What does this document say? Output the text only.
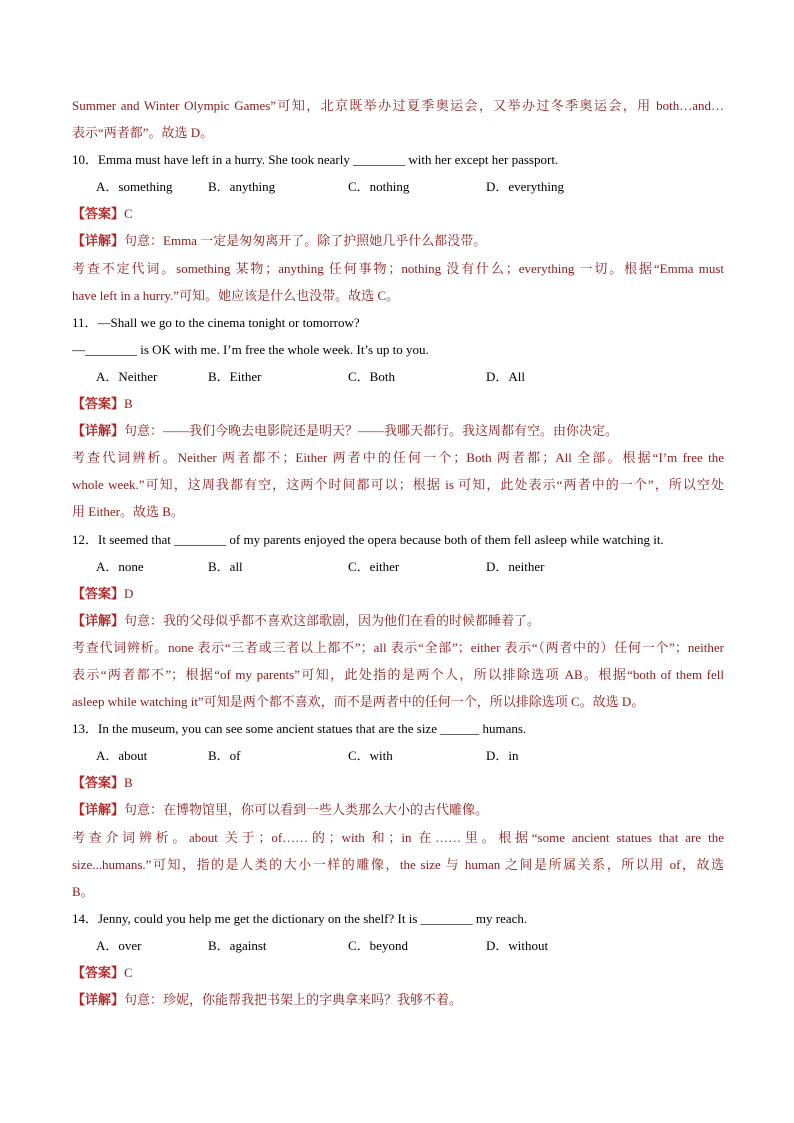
Summer and Winter Olympic Games”可知，北京既举办过夏季奥运会，又举办过冬季奥运会，用 both…and…
表示“两者都”。故选 D。
10．Emma must have left in a hurry. She took nearly ________ with her except her passport.
A．something	B．anything	C．nothing	D．everything
【答案】C
【详解】句意：Emma 一定是匆匆离开了。除了护照她几乎什么都没带。
考查不定代词。something 某物；anything 任何事物；nothing 没有什么；everything 一切。根据“Emma must
have left in a hurry.”可知。她应该是什么也没带。故选 C。
11．—Shall we go to the cinema tonight or tomorrow?
—________ is OK with me. I’m free the whole week. It’s up to you.
A．Neither	B．Either	C．Both	D．All
【答案】B
【详解】句意：——我们今晚去电影院还是明天？——我哪天都行。我这周都有空。由你决定。
考查代词辨析。Neither 两者都不；Either 两者中的任何一个；Both 两者都；All 全部。根据“I’m free the
whole week.”可知，这周我都有空，这两个时间都可以；根据 is 可知，此处表示“两者中的一个”，所以空处
用 Either。故选 B。
12．It seemed that ________ of my parents enjoyed the opera because both of them fell asleep while watching it.
A．none	B．all	C．either	D．neither
【答案】D
【详解】句意：我的父母似乎都不喜欢这部歌剧，因为他们在看的时候都睡着了。
考查代词辨析。none 表示“三者或三者以上都不”；all 表示“全部”；either 表示“（两者中的）任何一个”；neither
表示“两者都不”；根据“of my parents”可知，此处指的是两个人，所以排除选项 AB。根据“both of them fell
asleep while watching it”可知是两个都不喜欢，而不是两者中的任何一个，所以排除选项 C。故选 D。
13．In the museum, you can see some ancient statues that are the size ______ humans.
A．about	B．of	C．with	D．in
【答案】B
【详解】句意：在博物馆里，你可以看到一些人类那么大小的古代雕像。
考查介词辨析。about 关于；of……的；with 和；in 在……里。根据“some ancient statues that are the
size...humans.”可知，指的是人类的大小一样的雕像，the size 与 human 之间是所属关系，所以用 of，故选
B。
14．Jenny, could you help me get the dictionary on the shelf? It is ________ my reach.
A．over	B．against	C．beyond	D．without
【答案】C
【详解】句意：珍妮，你能帮我把书架上的字典拿来吗？我够不着。
